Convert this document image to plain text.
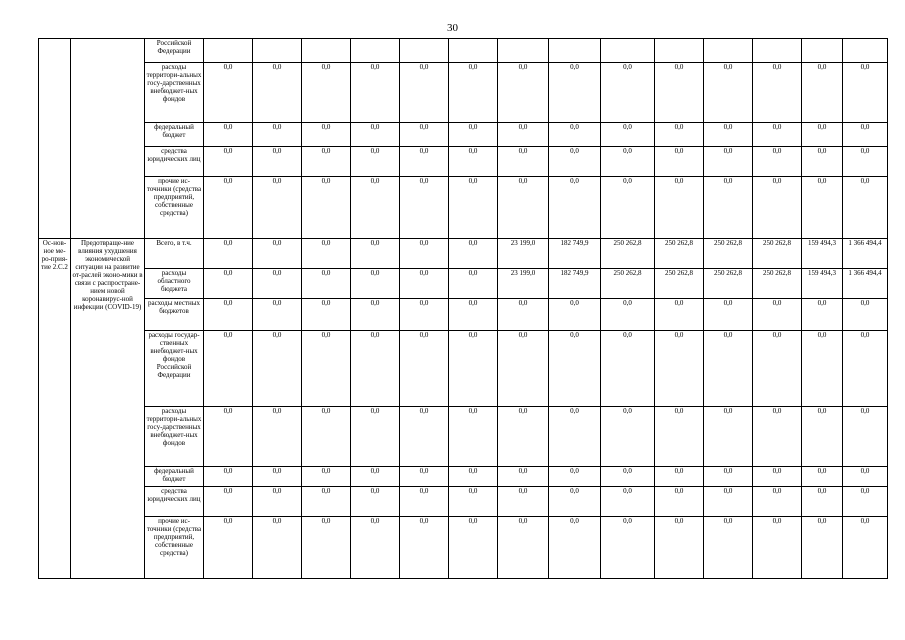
30
		Российской Федерации														
		расходы территори-альных госу-дарственных внебюджет-ных фондов	0,0	0,0	0,0	0,0	0,0	0,0	0,0	0,0	0,0	0,0	0,0	0,0	0,0	0,0
		федеральный бюджет	0,0	0,0	0,0	0,0	0,0	0,0	0,0	0,0	0,0	0,0	0,0	0,0	0,0	0,0
		средства юридических лиц	0,0	0,0	0,0	0,0	0,0	0,0	0,0	0,0	0,0	0,0	0,0	0,0	0,0	0,0
		прочие ис-точники (средства предприятий, собственные средства)	0,0	0,0	0,0	0,0	0,0	0,0	0,0	0,0	0,0	0,0	0,0	0,0	0,0	0,0
Ос-нов-ное ме-ро-прия-тие 2.С.2	Предотвраще-ние влияния ухудшения экономической ситуации на развитие от-раслей эконо-мики в связи с распростране-нием новой коронавирус-ной инфекции (COVID-19)	Всего, в т.ч.	0,0	0,0	0,0	0,0	0,0	0,0	23 199,0	182 749,9	250 262,8	250 262,8	250 262,8	250 262,8	159 494,3	1 366 494,4
		расходы областного бюджета	0,0	0,0	0,0	0,0	0,0	0,0	23 199,0	182 749,9	250 262,8	250 262,8	250 262,8	250 262,8	159 494,3	1 366 494,4
		расходы местных бюджетов	0,0	0,0	0,0	0,0	0,0	0,0	0,0	0,0	0,0	0,0	0,0	0,0	0,0	0,0
		расходы государ-ственных внебюджет-ных фондов Российской Федерации	0,0	0,0	0,0	0,0	0,0	0,0	0,0	0,0	0,0	0,0	0,0	0,0	0,0	0,0
		расходы территори-альных госу-дарственных внебюджет-ных фондов	0,0	0,0	0,0	0,0	0,0	0,0	0,0	0,0	0,0	0,0	0,0	0,0	0,0	0,0
		федеральный бюджет	0,0	0,0	0,0	0,0	0,0	0,0	0,0	0,0	0,0	0,0	0,0	0,0	0,0	0,0
		средства юридических лиц	0,0	0,0	0,0	0,0	0,0	0,0	0,0	0,0	0,0	0,0	0,0	0,0	0,0	0,0
		прочие ис-точники (средства предприятий, собственные средства)	0,0	0,0	0,0	0,0	0,0	0,0	0,0	0,0	0,0	0,0	0,0	0,0	0,0	0,0
